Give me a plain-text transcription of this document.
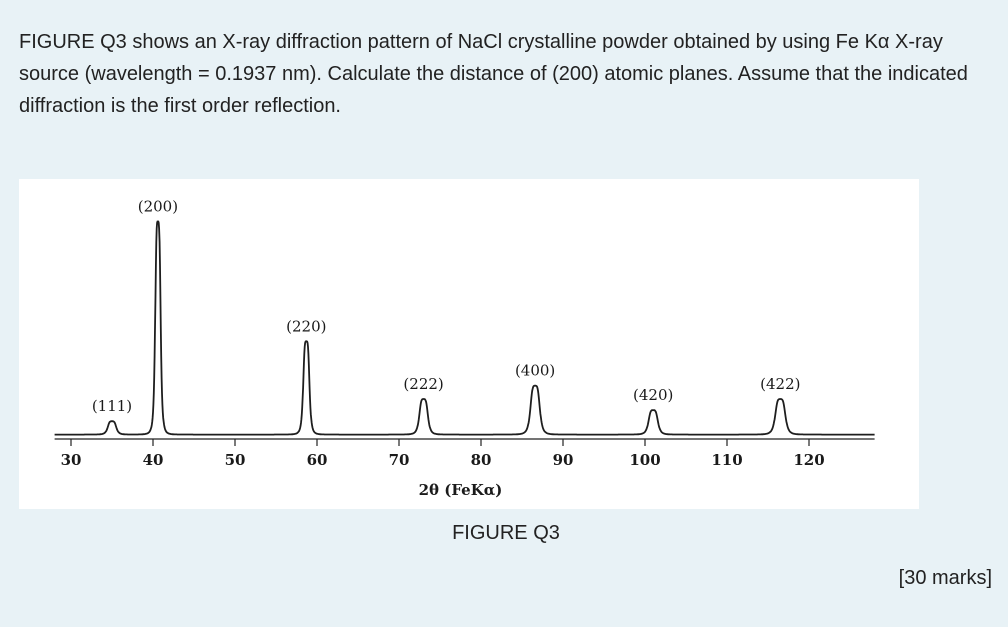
FIGURE Q3 shows an X-ray diffraction pattern of NaCl crystalline powder obtained by using Fe Kα X-ray source (wavelength = 0.1937 nm). Calculate the distance of (200) atomic planes. Assume that the indicated diffraction is the first order reflection.

30	40	50	60	70	80	90	100	110	120
2θ (FeKα)
(111)
(200)
(220)
(222)
(400)
(420)
(422)

FIGURE Q3

[30 marks]
